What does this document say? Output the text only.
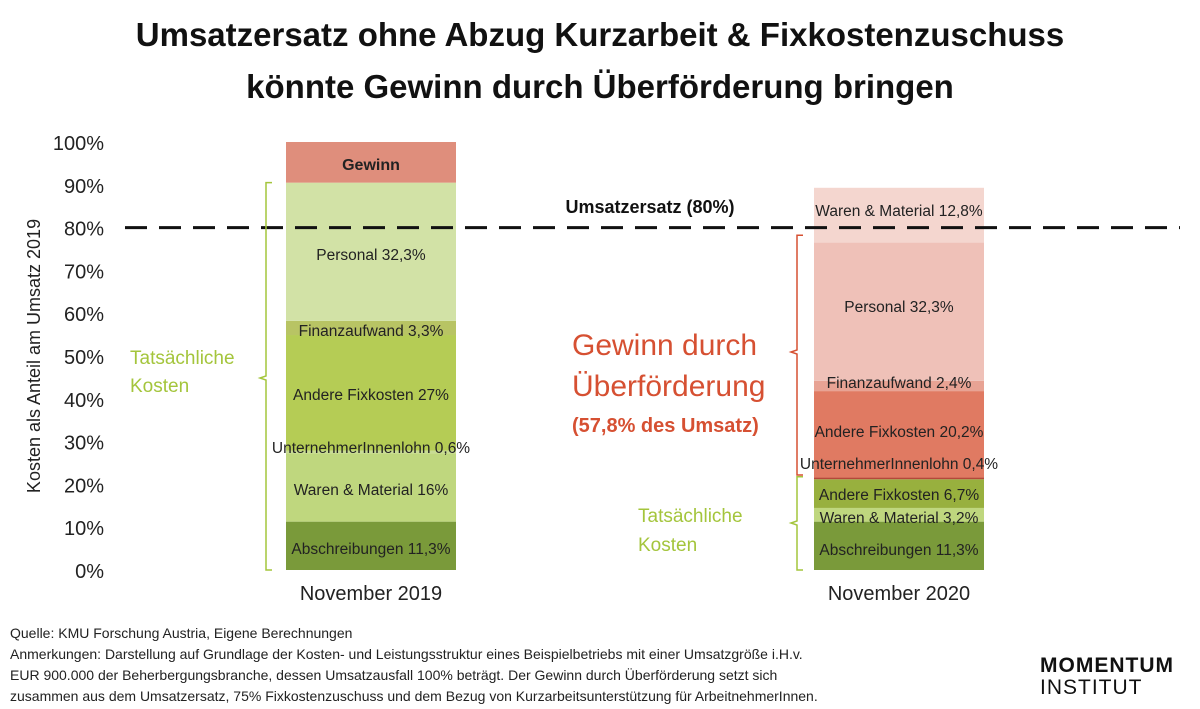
Umsatzersatz ohne Abzug Kurzarbeit & Fixkostenzuschuss
könnte Gewinn durch Überförderung bringen
0%
10%
20%
30%
40%
50%
60%
70%
80%
90%
100%
Kosten als Anteil am Umsatz 2019
November 2019	November 2020
Abschreibungen 11,3%
Waren & Material 16%
UnternehmerInnenlohn 0,6%
Andere Fixkosten 27%
Finanzaufwand 3,3%
Personal 32,3%
Gewinn
Abschreibungen 11,3%
Waren & Material 3,2%
Andere Fixkosten 6,7%
UnternehmerInnenlohn 0,4%
Andere Fixkosten 20,2%
Finanzaufwand 2,4%
Personal 32,3%
Waren & Material 12,8%
Umsatzersatz (80%)
Tatsächliche
Kosten
Tatsächliche
Kosten
Gewinn durch
Überförderung
(57,8% des Umsatz)
Quelle: KMU Forschung Austria, Eigene Berechnungen
Anmerkungen: Darstellung auf Grundlage der Kosten- und Leistungsstruktur eines Beispielbetriebs mit einer Umsatzgröße i.H.v.
EUR 900.000 der Beherbergungsbranche, dessen Umsatzausfall 100% beträgt. Der Gewinn durch Überförderung setzt sich
zusammen aus dem Umsatzersatz, 75% Fixkostenzuschuss und dem Bezug von Kurzarbeitsunterstützung für ArbeitnehmerInnen.
MOMENTUM
INSTITUT
